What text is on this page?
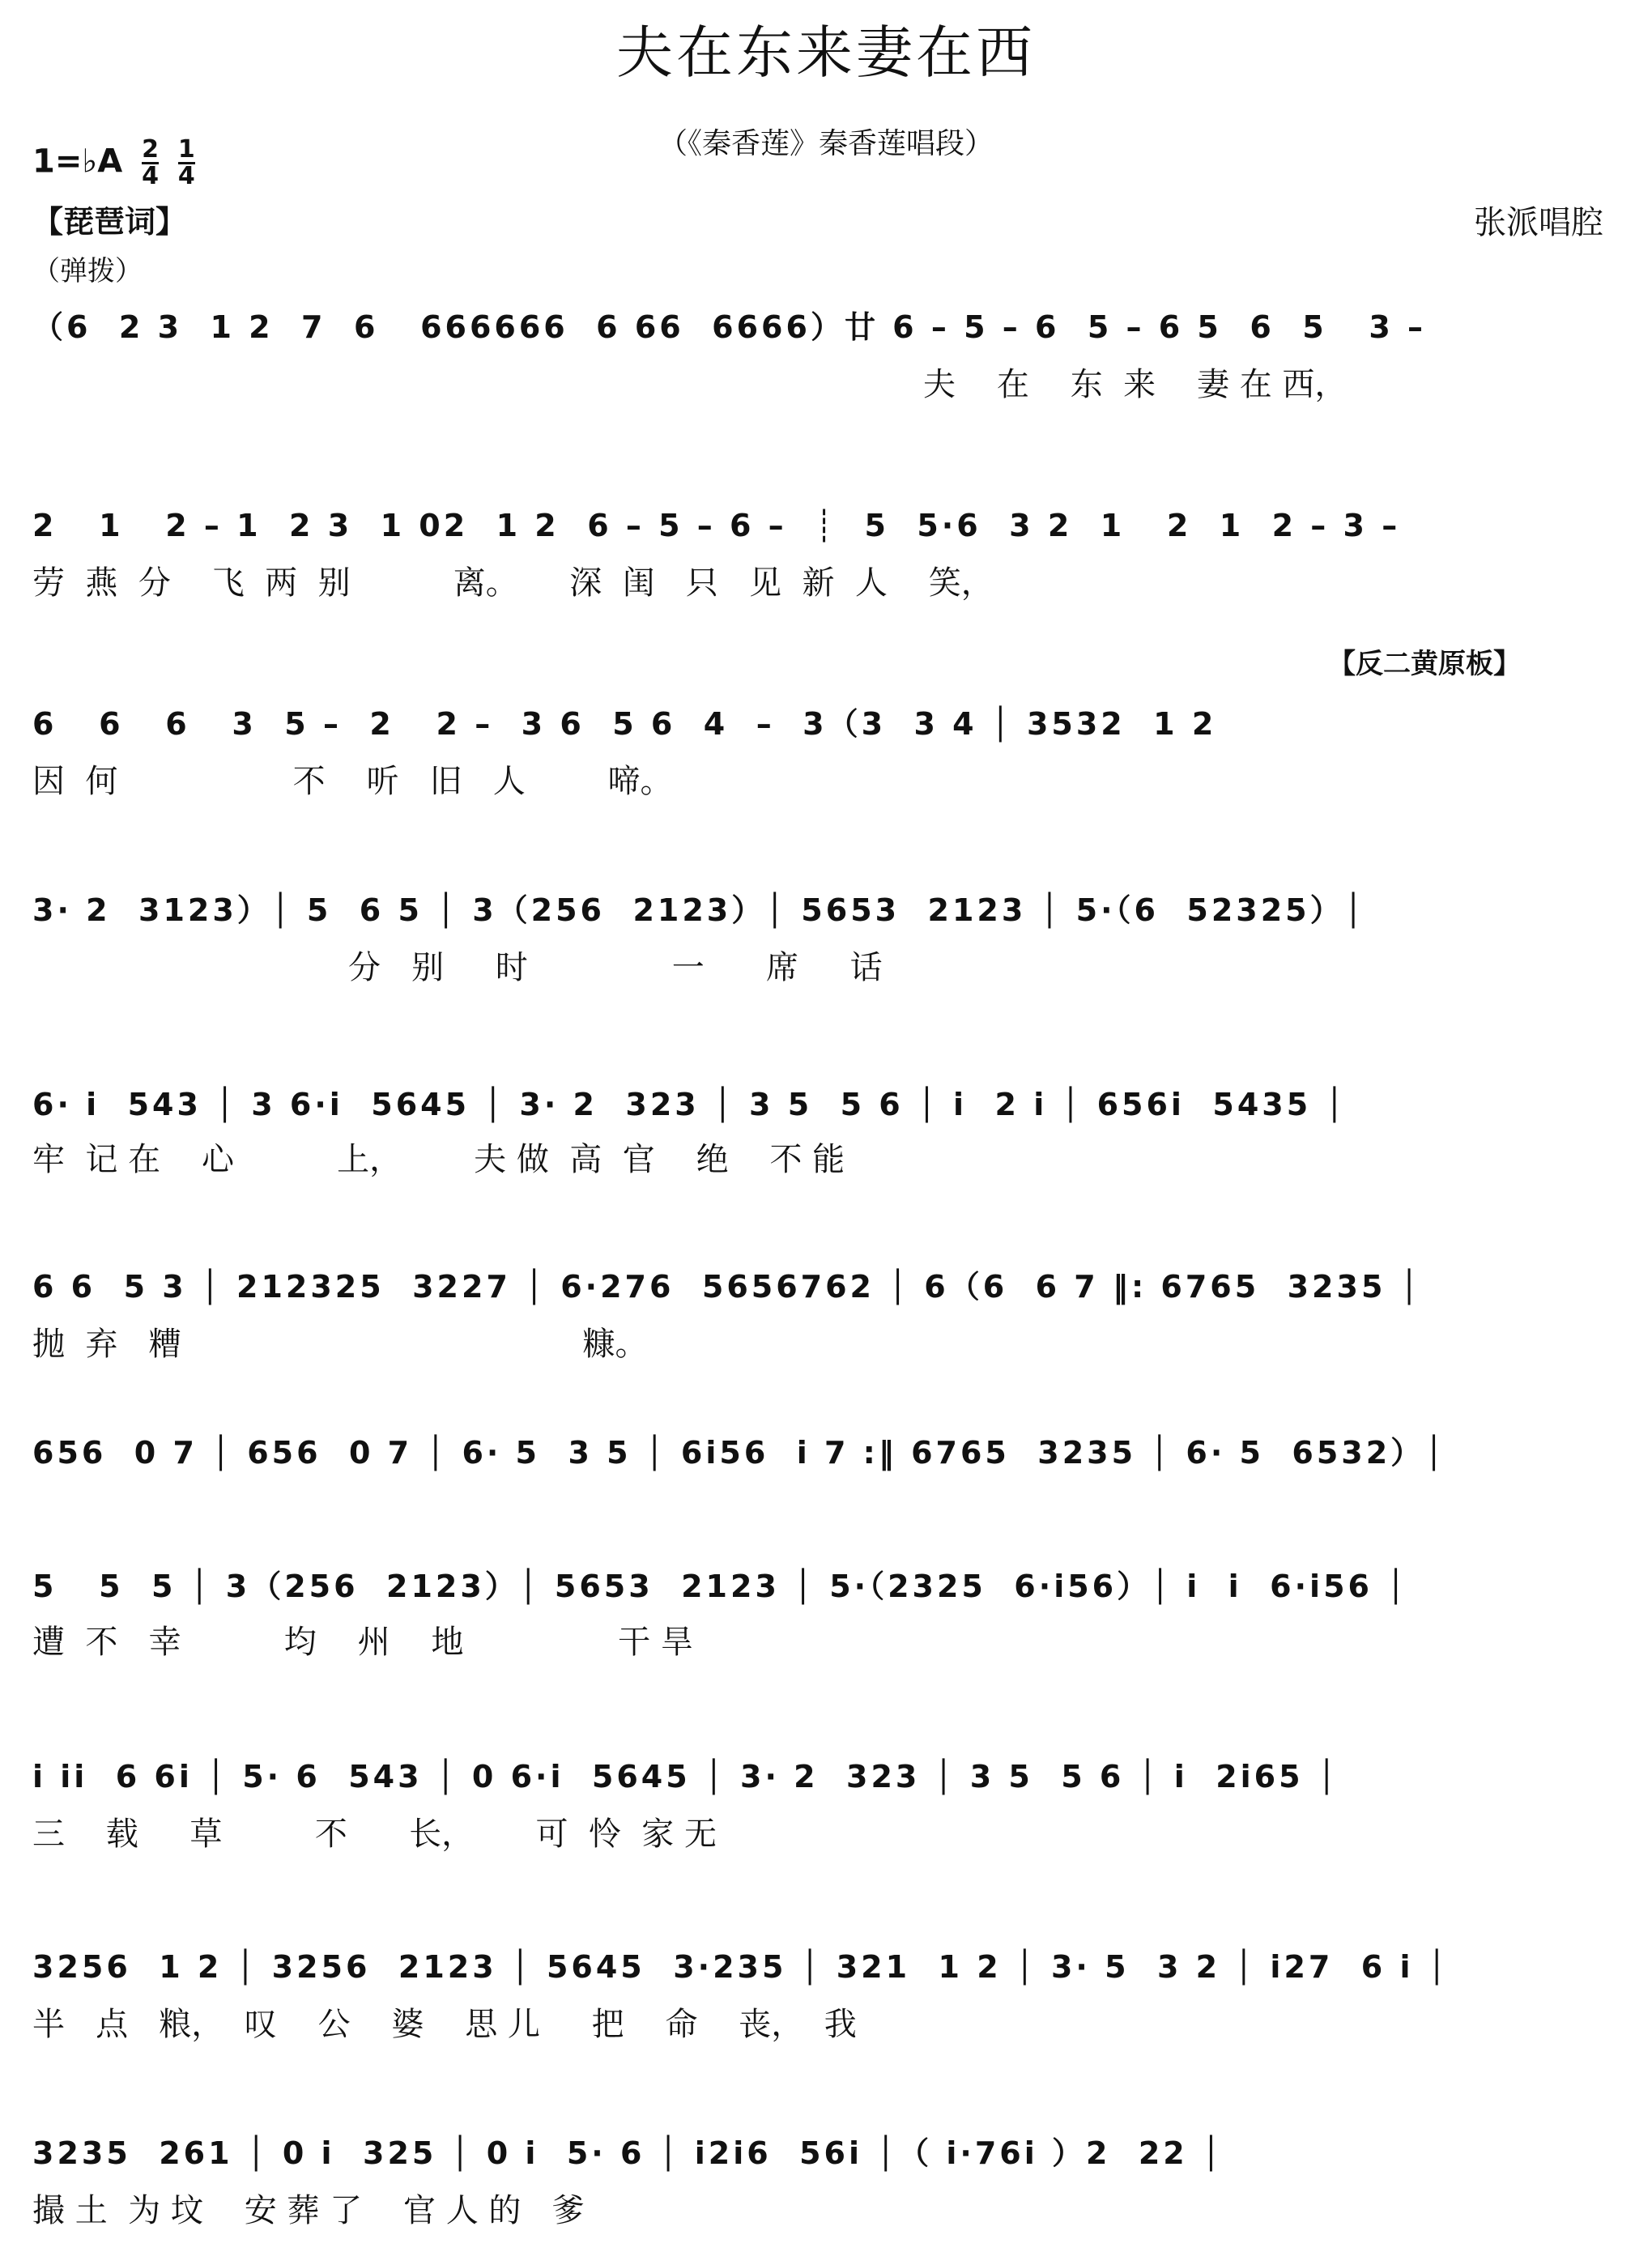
夫在东来妻在西
（《秦香莲》秦香莲唱段）
1=♭A $\frac{2}{4}$
$\frac{1}{4}$
【琵琶词】
（弹拨）
张派唱腔
【反二黄原板】
（6  2 3  1 2  7  6   666666  6 66  6666）廿 6 – 5 – 6  5 – 6 5  6  5   3 –
夫    在    东  来    妻 在 西，
2   1   2 – 1  2 3  1 02  1 2  6 – 5 – 6 –  ┊  5  5·6  3 2  1   2  1  2 – 3 –
劳  燕  分    飞  两  别          离。     深  闺   只   见  新  人    笑，
6   6   6   3  5 –  2   2 –  3 6  5 6  4  –  3（3  3 4 │ 3532  1 2
因  何                 不    听   旧   人        啼。
3· 2  3123）│ 5  6 5 │ 3（256  2123）│ 5653  2123 │ 5·（6  52325）│
分   别     时              一      席     话
6· i  543 │ 3 6·i  5645 │ 3· 2  323 │ 3 5  5 6 │ i  2 i │ 656i  5435 │
牢  记 在    心          上，       夫 做  高  官    绝    不 能
6 6  5 3 │ 212325  3227 │ 6·276  5656762 │ 6（6  6 7 ‖: 6765  3235 │
抛  弃   糟                                       糠。
656  0 7 │ 656  0 7 │ 6· 5  3 5 │ 6i56  i 7 :‖ 6765  3235 │ 6· 5  6532）│
5   5  5 │ 3（256  2123）│ 5653  2123 │ 5·（2325  6·i56）│ i  i  6·i56 │
遭  不   幸          均    州    地               干 旱
i ii  6 6i │ 5· 6  543 │ 0 6·i  5645 │ 3· 2  323 │ 3 5  5 6 │ i  2i65 │
三    载     草         不      长，      可  怜  家 无
3256  1 2 │ 3256  2123 │ 5645  3·235 │ 321  1 2 │ 3· 5  3 2 │ i27  6 i │
半   点   粮，  叹    公    婆    思 儿     把    命    丧，  我
3235  261 │ 0 i  325 │ 0 i  5· 6 │ i2i6  56i │（ i·76i ）2  22 │
撮 土  为 坟    安 葬 了    官 人 的   爹
